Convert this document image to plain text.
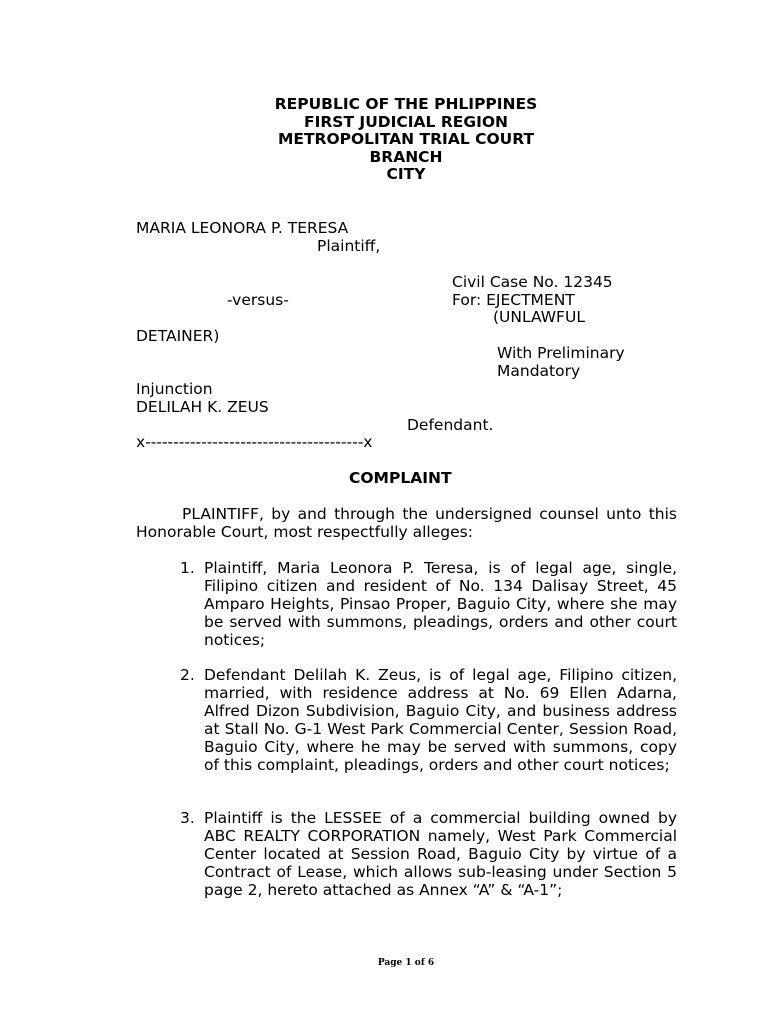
REPUBLIC OF THE PHLIPPINES
FIRST JUDICIAL REGION
METROPOLITAN TRIAL COURT
BRANCH
CITY
MARIA LEONORA P. TERESA
Plaintiff,
Civil Case No. 12345
-versus-	For: EJECTMENT
(UNLAWFUL
DETAINER)
With Preliminary
Mandatory
Injunction
DELILAH K. ZEUS
Defendant.
x---------------------------------------x
COMPLAINT
PLAINTIFF, by and through the undersigned counsel unto this Honorable Court, most respectfully alleges:
1. Plaintiff, Maria Leonora P. Teresa, is of legal age, single, Filipino citizen and resident of No. 134 Dalisay Street, 45 Amparo Heights, Pinsao Proper, Baguio City, where she may be served with summons, pleadings, orders and other court notices;
2. Defendant Delilah K. Zeus, is of legal age, Filipino citizen, married, with residence address at No. 69 Ellen Adarna, Alfred Dizon Subdivision, Baguio City, and business address at Stall No. G-1 West Park Commercial Center, Session Road, Baguio City, where he may be served with summons, copy of this complaint, pleadings, orders and other court notices;
3. Plaintiff is the LESSEE of a commercial building owned by ABC REALTY CORPORATION namely, West Park Commercial Center located at Session Road, Baguio City by virtue of a Contract of Lease, which allows sub-leasing under Section 5 page 2, hereto attached as Annex “A” & “A-1”;
Page 1 of 6
